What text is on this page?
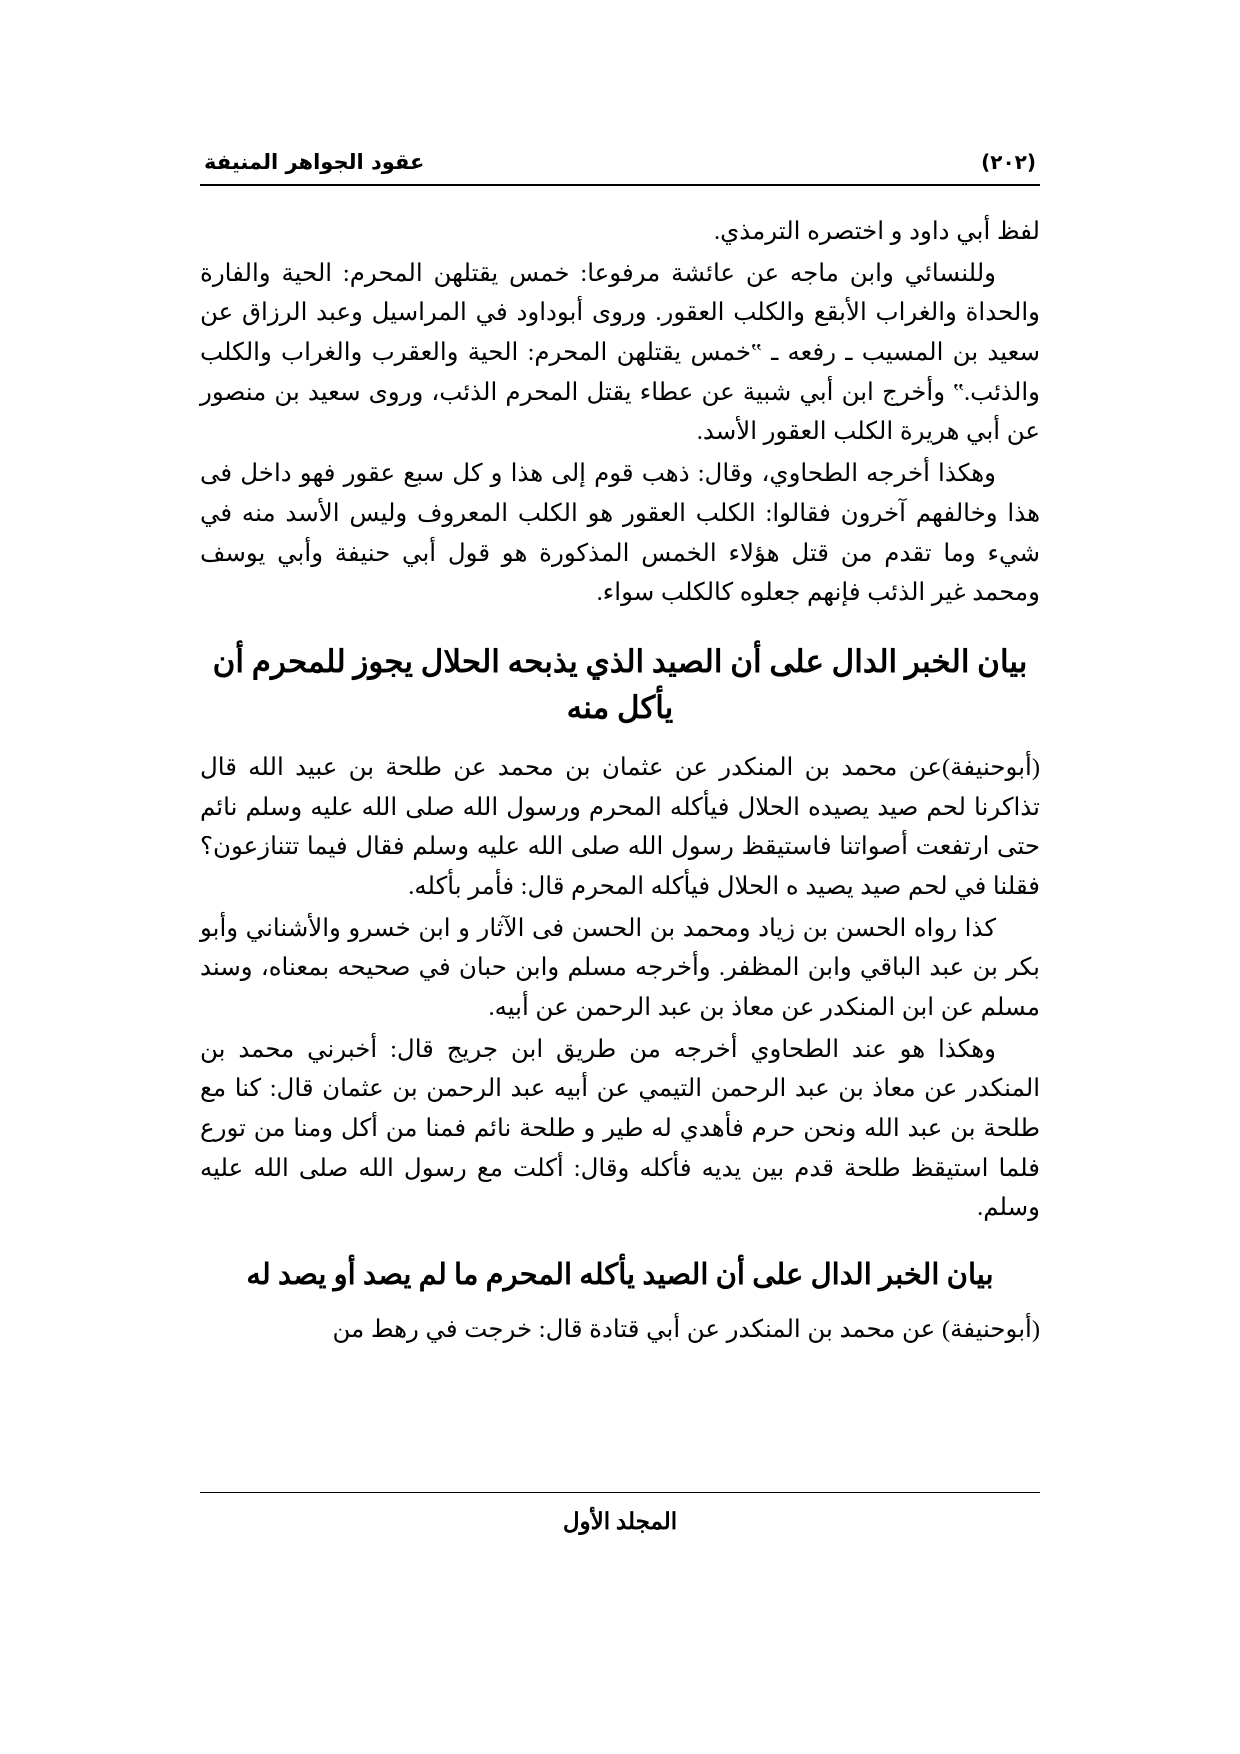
عقود الجواهر المنيفة	(٢٠٢)

لفظ أبي داود و اختصره الترمذي.

وللنسائي وابن ماجه عن عائشة مرفوعا: خمس يقتلهن المحرم: الحية والفارة والحداة والغراب الأبقع والكلب العقور. وروى أبوداود في المراسيل وعبد الرزاق عن سعيد بن المسيب ـ رفعه ـ ‟خمس يقتلهن المحرم: الحية والعقرب والغراب والكلب والذئب.‟ وأخرج ابن أبي شبية عن عطاء يقتل المحرم الذئب، وروى سعيد بن منصور عن أبي هريرة الكلب العقور الأسد.

وهكذا أخرجه الطحاوي، وقال: ذهب قوم إلى هذا و كل سبع عقور فهو داخل فى هذا وخالفهم آخرون فقالوا: الكلب العقور هو الكلب المعروف وليس الأسد منه في شيء وما تقدم من قتل هؤلاء الخمس المذكورة هو قول أبي حنيفة وأبي يوسف ومحمد غير الذئب فإنهم جعلوه كالكلب سواء.

بيان الخبر الدال على أن الصيد الذي يذبحه الحلال يجوز للمحرم أن يأكل منه

(أبوحنيفة)عن محمد بن المنكدر عن عثمان بن محمد عن طلحة بن عبيد الله قال تذاكرنا لحم صيد يصيده الحلال فيأكله المحرم ورسول الله صلى الله عليه وسلم نائم حتى ارتفعت أصواتنا فاستيقظ رسول الله صلى الله عليه وسلم فقال فيما تتنازعون؟ فقلنا في لحم صيد يصيد ه الحلال فيأكله المحرم قال: فأمر بأكله.

كذا رواه الحسن بن زياد ومحمد بن الحسن فى الآثار و ابن خسرو والأشناني وأبو بكر بن عبد الباقي وابن المظفر. وأخرجه مسلم وابن حبان في صحيحه بمعناه، وسند مسلم عن ابن المنكدر عن معاذ بن عبد الرحمن عن أبيه.

وهكذا هو عند الطحاوي أخرجه من طريق ابن جريج قال: أخبرني محمد بن المنكدر عن معاذ بن عبد الرحمن التيمي عن أبيه عبد الرحمن بن عثمان قال: كنا مع طلحة بن عبد الله ونحن حرم فأهدي له طير و طلحة نائم فمنا من أكل ومنا من تورع فلما استيقظ طلحة قدم بين يديه فأكله وقال: أكلت مع رسول الله صلى الله عليه وسلم.

بيان الخبر الدال على أن الصيد يأكله المحرم ما لم يصد أو يصد له

(أبوحنيفة) عن محمد بن المنكدر عن أبي قتادة قال: خرجت في رهط من

المجلد الأول
